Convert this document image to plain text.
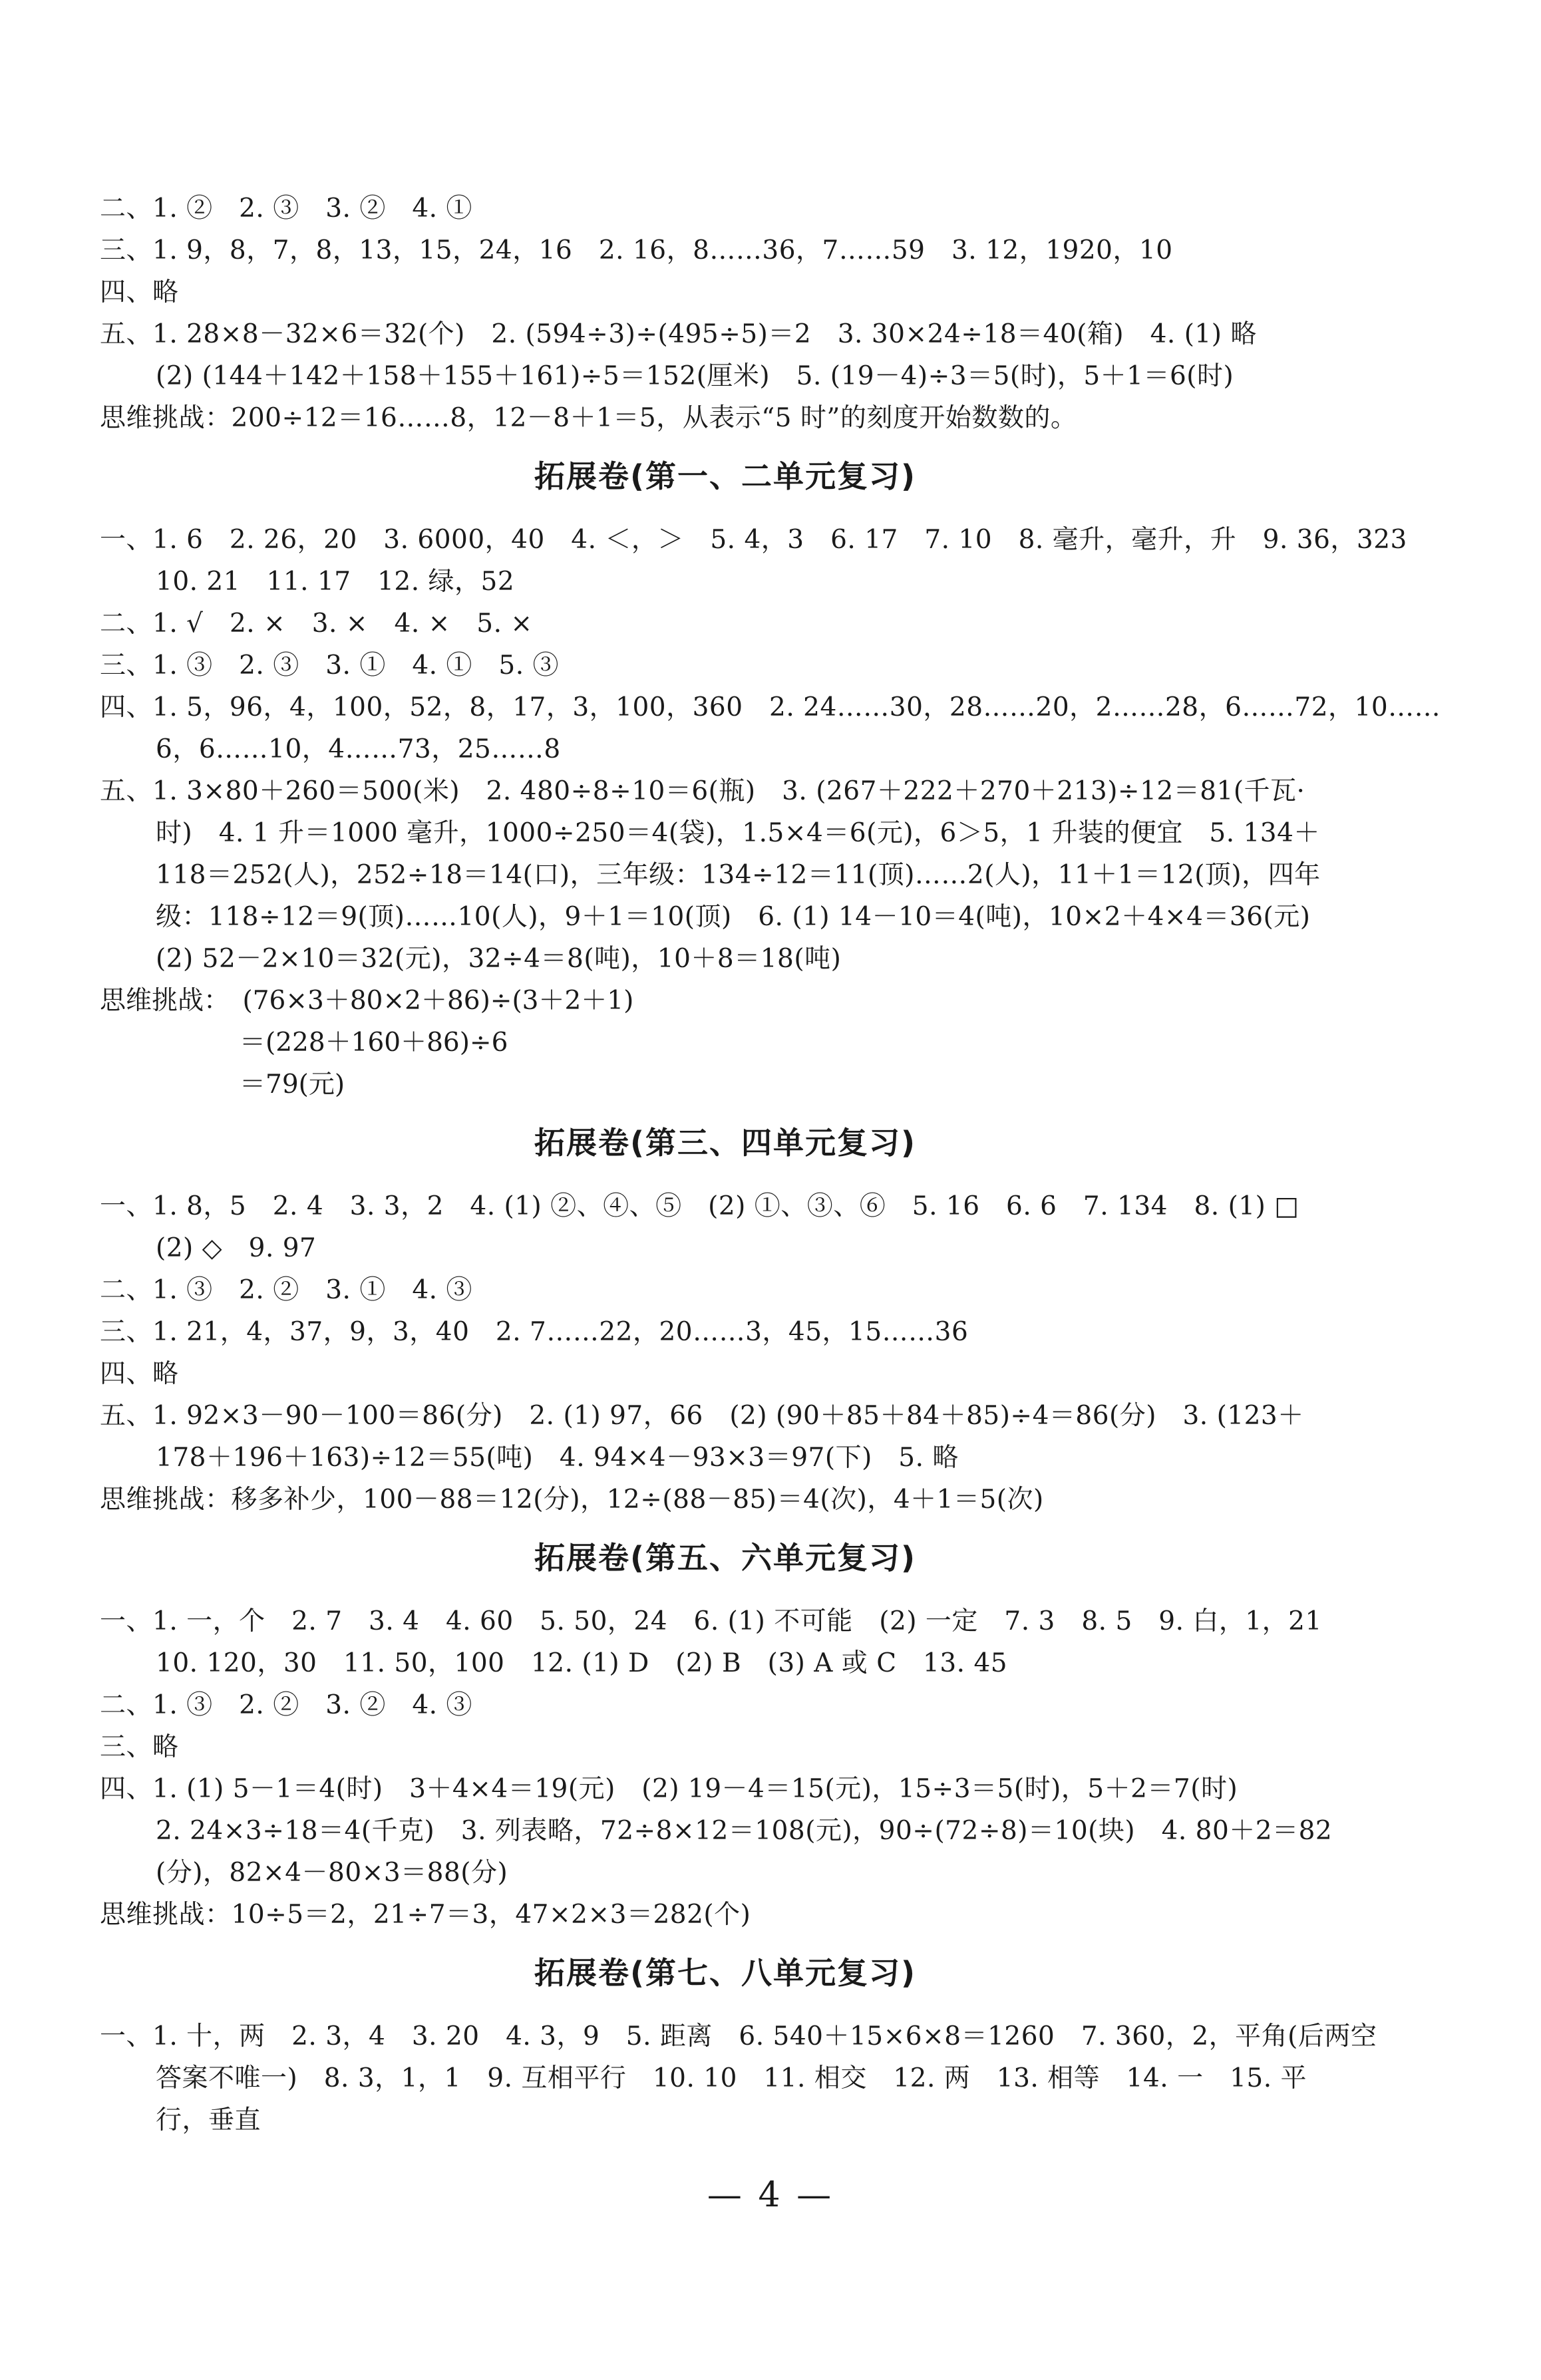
二、1. ②　2. ③　3. ②　4. ①
三、1. 9，8，7，8，13，15，24，16　2. 16，8……36，7……59　3. 12，1920，10
四、略
五、1. 28×8－32×6＝32(个)　2. (594÷3)÷(495÷5)＝2　3. 30×24÷18＝40(箱)　4. (1) 略
(2) (144＋142＋158＋155＋161)÷5＝152(厘米)　5. (19－4)÷3＝5(时)，5＋1＝6(时)
思维挑战：200÷12＝16……8，12－8＋1＝5，从表示“5 时”的刻度开始数数的。
拓展卷(第一、二单元复习)
一、1. 6　2. 26，20　3. 6000，40　4. ＜，＞　5. 4，3　6. 17　7. 10　8. 毫升，毫升，升　9. 36，323
10. 21　11. 17　12. 绿，52
二、1. √　2. ×　3. ×　4. ×　5. ×
三、1. ③　2. ③　3. ①　4. ①　5. ③
四、1. 5，96，4，100，52，8，17，3，100，360　2. 24……30，28……20，2……28，6……72，10……
6，6……10，4……73，25……8
五、1. 3×80＋260＝500(米)　2. 480÷8÷10＝6(瓶)　3. (267＋222＋270＋213)÷12＝81(千瓦·
时)　4. 1 升＝1000 毫升，1000÷250＝4(袋)，1.5×4＝6(元)，6＞5，1 升装的便宜　5. 134＋
118＝252(人)，252÷18＝14(口)，三年级：134÷12＝11(顶)……2(人)，11＋1＝12(顶)，四年
级：118÷12＝9(顶)……10(人)，9＋1＝10(顶)　6. (1) 14－10＝4(吨)，10×2＋4×4＝36(元)
(2) 52－2×10＝32(元)，32÷4＝8(吨)，10＋8＝18(吨)
思维挑战：　(76×3＋80×2＋86)÷(3＋2＋1)
＝(228＋160＋86)÷6
＝79(元)
拓展卷(第三、四单元复习)
一、1. 8，5　2. 4　3. 3，2　4. (1) ②、④、⑤　(2) ①、③、⑥　5. 16　6. 6　7. 134　8. (1) □
(2) ◇　9. 97
二、1. ③　2. ②　3. ①　4. ③
三、1. 21，4，37，9，3，40　2. 7……22，20……3，45，15……36
四、略
五、1. 92×3－90－100＝86(分)　2. (1) 97，66　(2) (90＋85＋84＋85)÷4＝86(分)　3. (123＋
178＋196＋163)÷12＝55(吨)　4. 94×4－93×3＝97(下)　5. 略
思维挑战：移多补少，100－88＝12(分)，12÷(88－85)＝4(次)，4＋1＝5(次)
拓展卷(第五、六单元复习)
一、1. 一，个　2. 7　3. 4　4. 60　5. 50，24　6. (1) 不可能　(2) 一定　7. 3　8. 5　9. 白，1，21
10. 120，30　11. 50，100　12. (1) D　(2) B　(3) A 或 C　13. 45
二、1. ③　2. ②　3. ②　4. ③
三、略
四、1. (1) 5－1＝4(时)　3＋4×4＝19(元)　(2) 19－4＝15(元)，15÷3＝5(时)，5＋2＝7(时)
2. 24×3÷18＝4(千克)　3. 列表略，72÷8×12＝108(元)，90÷(72÷8)＝10(块)　4. 80＋2＝82
(分)，82×4－80×3＝88(分)
思维挑战：10÷5＝2，21÷7＝3，47×2×3＝282(个)
拓展卷(第七、八单元复习)
一、1. 十，两　2. 3，4　3. 20　4. 3，9　5. 距离　6. 540＋15×6×8＝1260　7. 360，2，平角(后两空
答案不唯一)　8. 3，1，1　9. 互相平行　10. 10　11. 相交　12. 两　13. 相等　14. 一　15. 平
行，垂直
— 4 —
